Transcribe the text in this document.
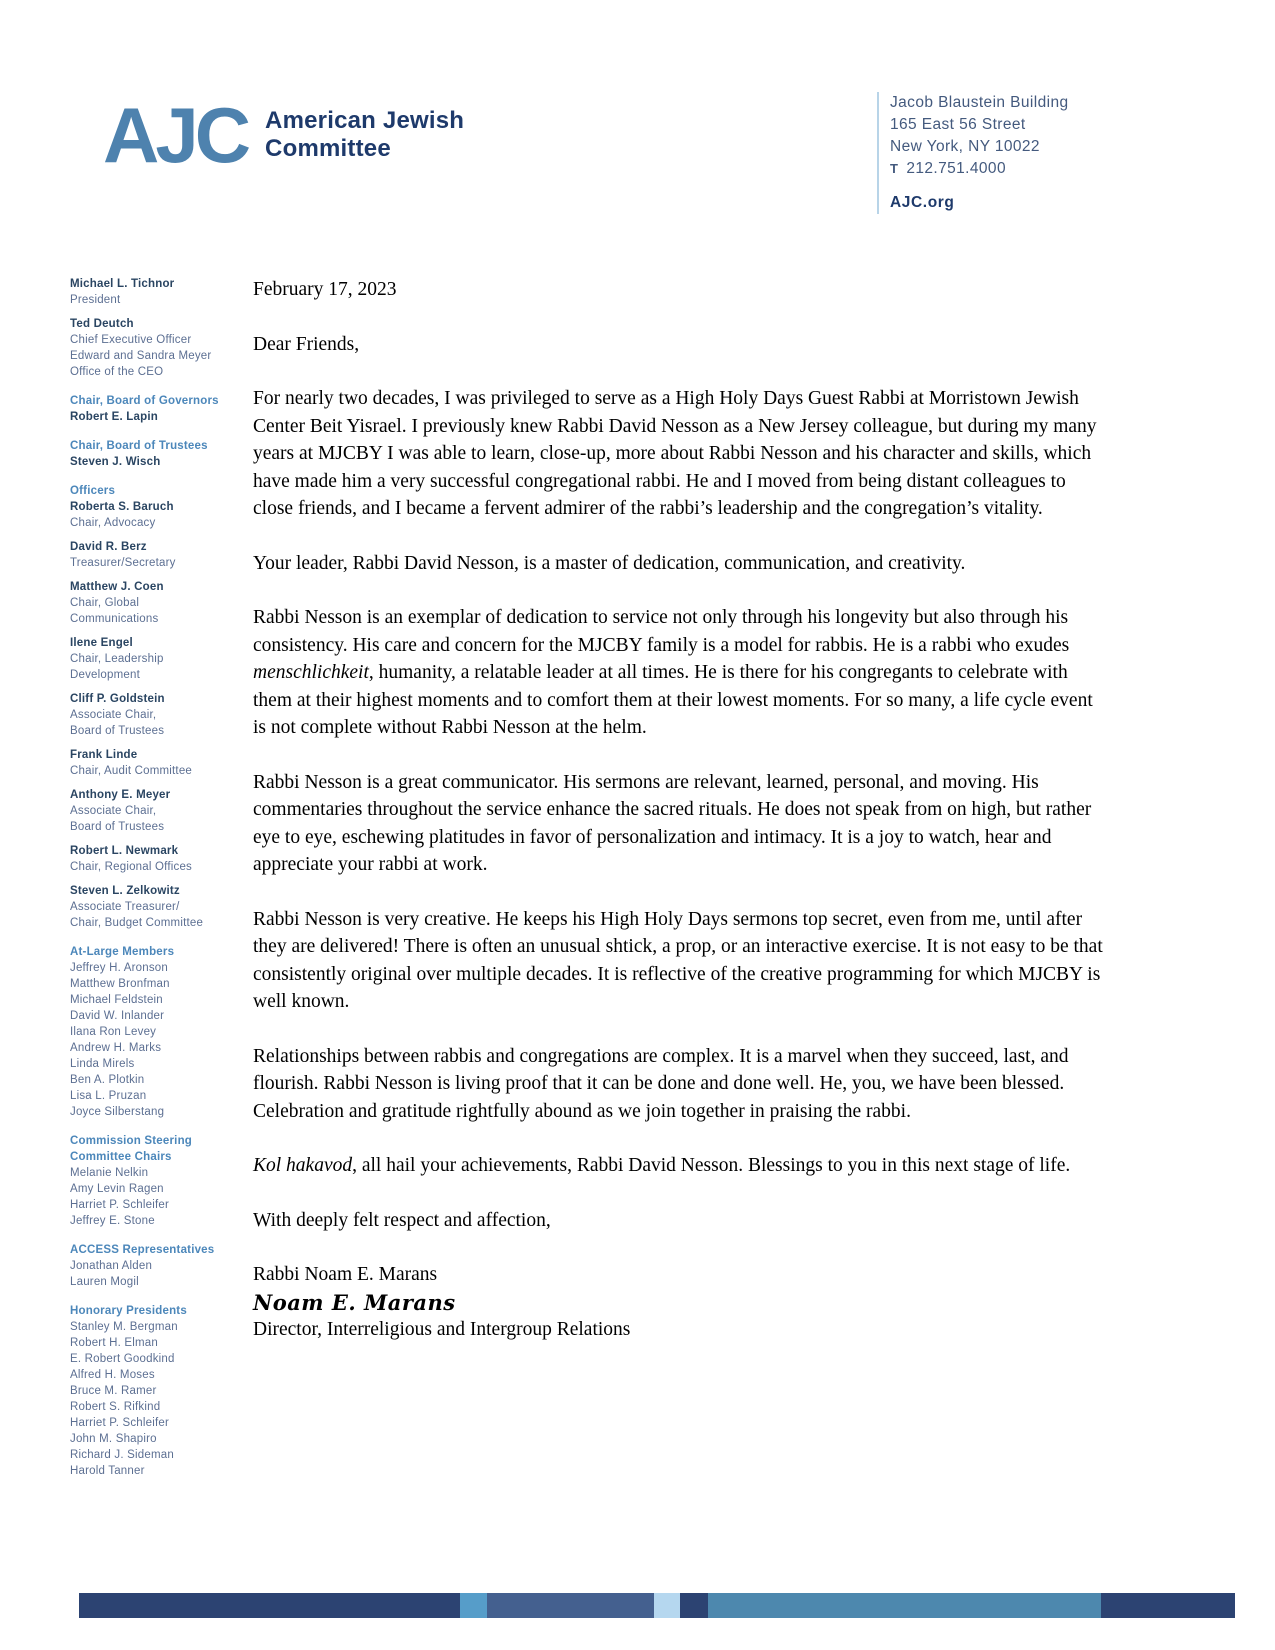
AJC American Jewish
Committee
Jacob Blaustein Building
165 East 56 Street
New York, NY 10022
T 212.751.4000
AJC.org
Michael L. Tichnor
President
Ted Deutch
Chief Executive Officer
Edward and Sandra Meyer
Office of the CEO
Chair, Board of Governors
Robert E. Lapin
Chair, Board of Trustees
Steven J. Wisch
Officers
Roberta S. Baruch
Chair, Advocacy
David R. Berz
Treasurer/Secretary
Matthew J. Coen
Chair, Global
Communications
Ilene Engel
Chair, Leadership
Development
Cliff P. Goldstein
Associate Chair,
Board of Trustees
Frank Linde
Chair, Audit Committee
Anthony E. Meyer
Associate Chair,
Board of Trustees
Robert L. Newmark
Chair, Regional Offices
Steven L. Zelkowitz
Associate Treasurer/
Chair, Budget Committee
At-Large Members
Jeffrey H. Aronson
Matthew Bronfman
Michael Feldstein
David W. Inlander
Ilana Ron Levey
Andrew H. Marks
Linda Mirels
Ben A. Plotkin
Lisa L. Pruzan
Joyce Silberstang
Commission Steering Committee Chairs
Melanie Nelkin
Amy Levin Ragen
Harriet P. Schleifer
Jeffrey E. Stone
ACCESS Representatives
Jonathan Alden
Lauren Mogil
Honorary Presidents
Stanley M. Bergman
Robert H. Elman
E. Robert Goodkind
Alfred H. Moses
Bruce M. Ramer
Robert S. Rifkind
Harriet P. Schleifer
John M. Shapiro
Richard J. Sideman
Harold Tanner
February 17, 2023
Dear Friends,
For nearly two decades, I was privileged to serve as a High Holy Days Guest Rabbi at Morristown Jewish Center Beit Yisrael. I previously knew Rabbi David Nesson as a New Jersey colleague, but during my many years at MJCBY I was able to learn, close-up, more about Rabbi Nesson and his character and skills, which have made him a very successful congregational rabbi. He and I moved from being distant colleagues to close friends, and I became a fervent admirer of the rabbi’s leadership and the congregation’s vitality.
Your leader, Rabbi David Nesson, is a master of dedication, communication, and creativity.
Rabbi Nesson is an exemplar of dedication to service not only through his longevity but also through his consistency. His care and concern for the MJCBY family is a model for rabbis. He is a rabbi who exudes menschlichkeit, humanity, a relatable leader at all times. He is there for his congregants to celebrate with them at their highest moments and to comfort them at their lowest moments. For so many, a life cycle event is not complete without Rabbi Nesson at the helm.
Rabbi Nesson is a great communicator. His sermons are relevant, learned, personal, and moving. His commentaries throughout the service enhance the sacred rituals. He does not speak from on high, but rather eye to eye, eschewing platitudes in favor of personalization and intimacy. It is a joy to watch, hear and appreciate your rabbi at work.
Rabbi Nesson is very creative. He keeps his High Holy Days sermons top secret, even from me, until after they are delivered! There is often an unusual shtick, a prop, or an interactive exercise. It is not easy to be that consistently original over multiple decades. It is reflective of the creative programming for which MJCBY is well known.
Relationships between rabbis and congregations are complex. It is a marvel when they succeed, last, and flourish. Rabbi Nesson is living proof that it can be done and done well. He, you, we have been blessed. Celebration and gratitude rightfully abound as we join together in praising the rabbi.
Kol hakavod, all hail your achievements, Rabbi David Nesson. Blessings to you in this next stage of life.
With deeply felt respect and affection,
Rabbi Noam E. Marans
Noam E. Marans
Director, Interreligious and Intergroup Relations
